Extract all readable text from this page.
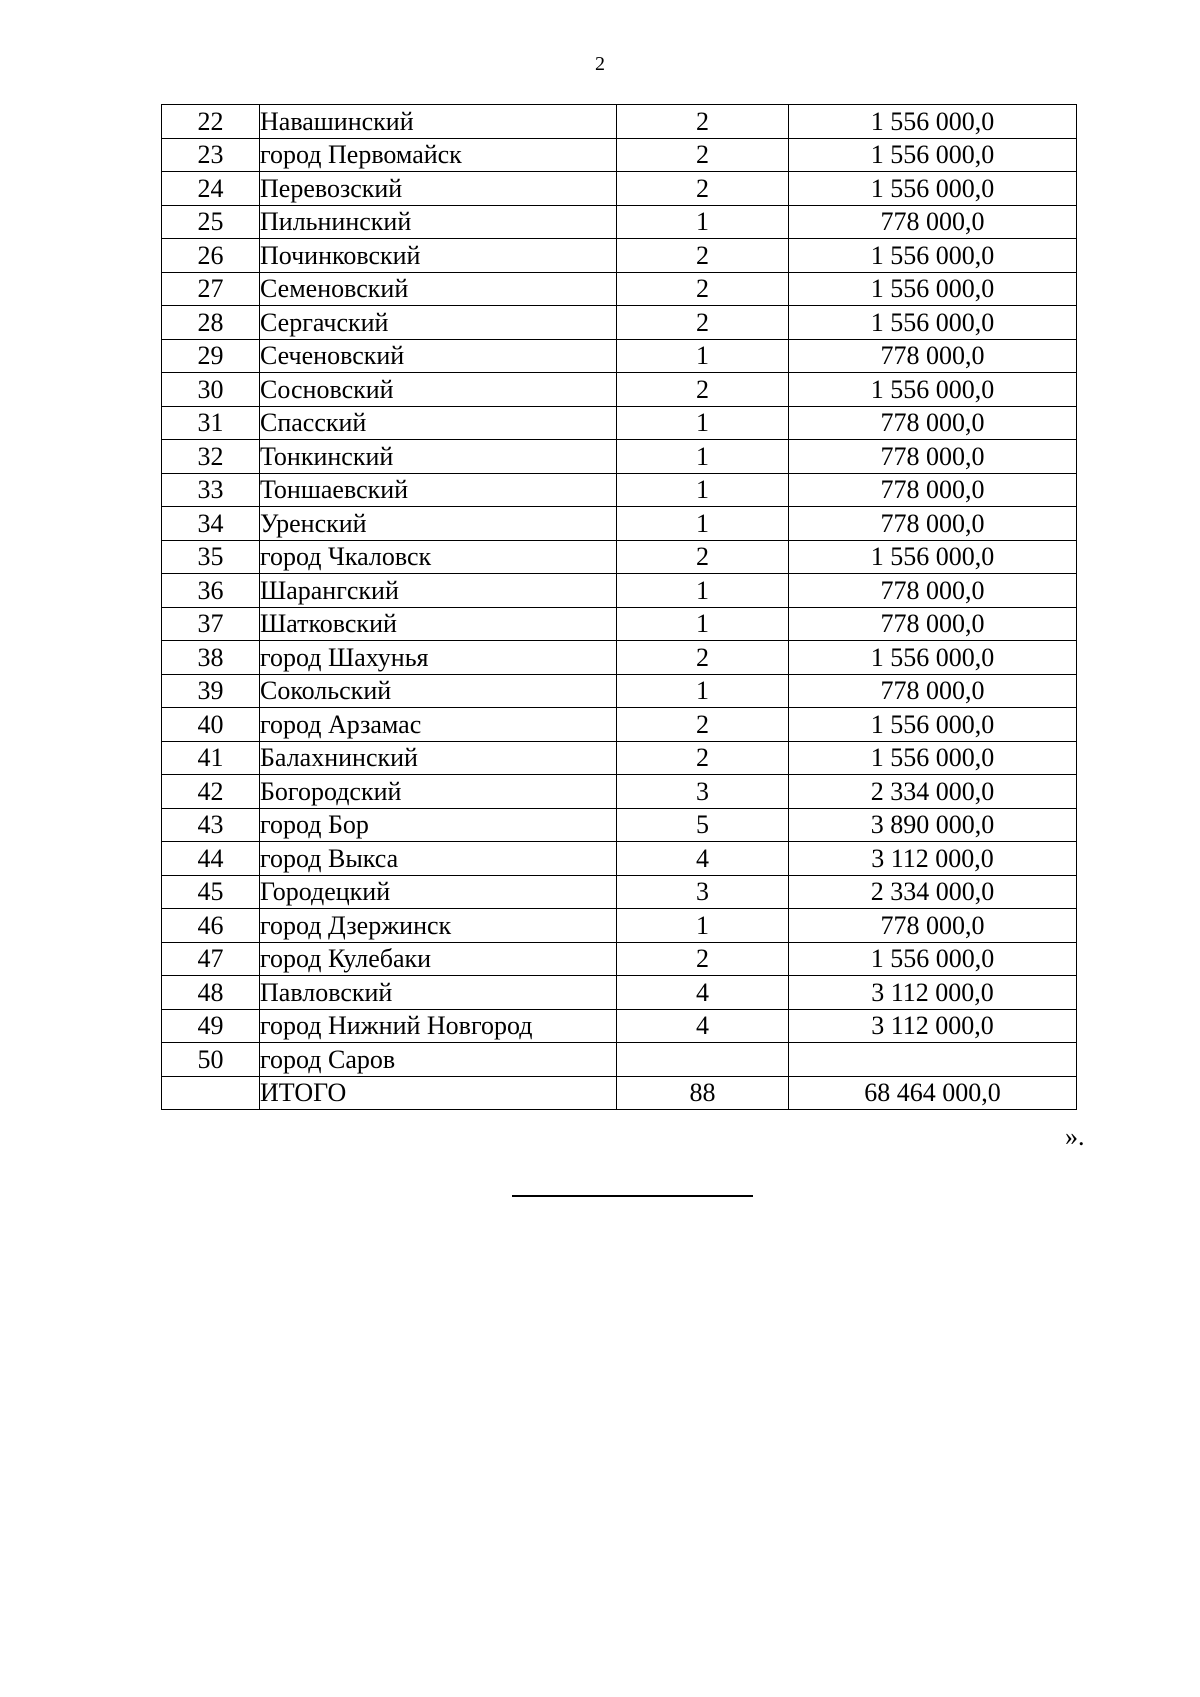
2
22	Навашинский	2	1 556 000,0
23	город Первомайск	2	1 556 000,0
24	Перевозский	2	1 556 000,0
25	Пильнинский	1	778 000,0
26	Починковский	2	1 556 000,0
27	Семеновский	2	1 556 000,0
28	Сергачский	2	1 556 000,0
29	Сеченовский	1	778 000,0
30	Сосновский	2	1 556 000,0
31	Спасский	1	778 000,0
32	Тонкинский	1	778 000,0
33	Тоншаевский	1	778 000,0
34	Уренский	1	778 000,0
35	город Чкаловск	2	1 556 000,0
36	Шарангский	1	778 000,0
37	Шатковский	1	778 000,0
38	город Шахунья	2	1 556 000,0
39	Сокольский	1	778 000,0
40	город Арзамас	2	1 556 000,0
41	Балахнинский	2	1 556 000,0
42	Богородский	3	2 334 000,0
43	город Бор	5	3 890 000,0
44	город Выкса	4	3 112 000,0
45	Городецкий	3	2 334 000,0
46	город Дзержинск	1	778 000,0
47	город Кулебаки	2	1 556 000,0
48	Павловский	4	3 112 000,0
49	город Нижний Новгород	4	3 112 000,0
50	город Саров		
	ИТОГО	88	68 464 000,0
».
